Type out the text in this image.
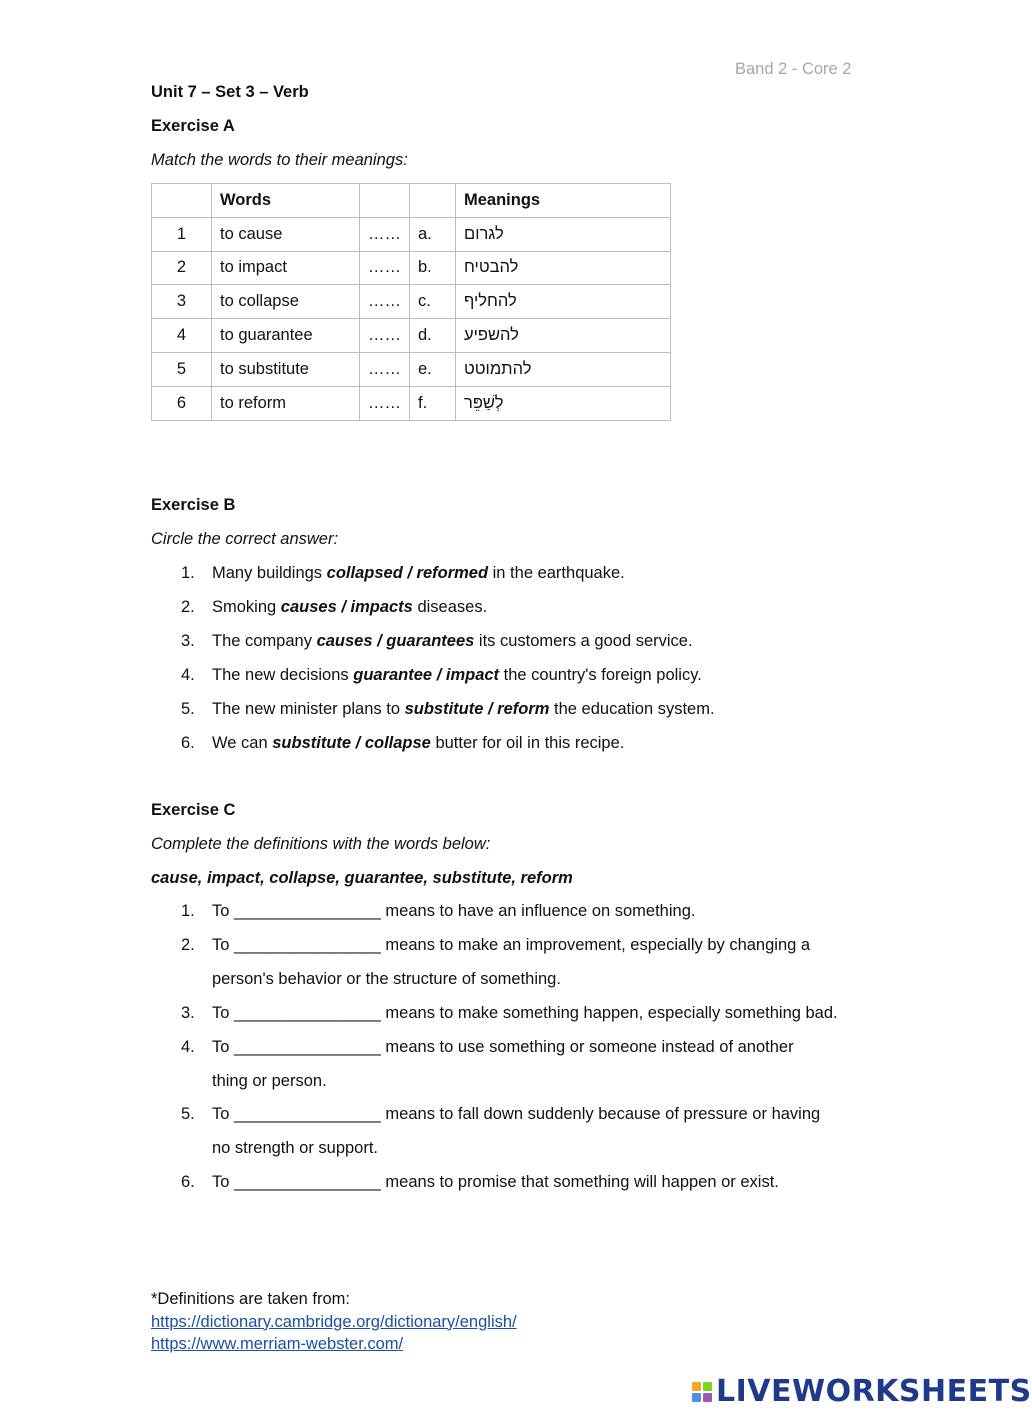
Band 2 - Core 2
Unit 7 – Set 3 – Verb
Exercise A
Match the words to their meanings:
	Words			Meanings
1	to cause	……	a.	לגרום
2	to impact	……	b.	להבטיח
3	to collapse	……	c.	להחליף
4	to guarantee	……	d.	להשפיע
5	to substitute	……	e.	להתמוטט
6	to reform	……	f.	לְשַׁפֵּר
Exercise B
Circle the correct answer:
1. Many buildings collapsed / reformed in the earthquake.
2. Smoking causes / impacts diseases.
3. The company causes / guarantees its customers a good service.
4. The new decisions guarantee / impact the country's foreign policy.
5. The new minister plans to substitute / reform the education system.
6. We can substitute / collapse butter for oil in this recipe.
Exercise C
Complete the definitions with the words below:
cause, impact, collapse, guarantee, substitute, reform
1. To ________________ means to have an influence on something.
2. To ________________ means to make an improvement, especially by changing a
person's behavior or the structure of something.
3. To ________________ means to make something happen, especially something bad.
4. To ________________ means to use something or someone instead of another
thing or person.
5. To ________________ means to fall down suddenly because of pressure or having
no strength or support.
6. To ________________ means to promise that something will happen or exist.
*Definitions are taken from:
https://dictionary.cambridge.org/dictionary/english/
https://www.merriam-webster.com/
LIVEWORKSHEETS
